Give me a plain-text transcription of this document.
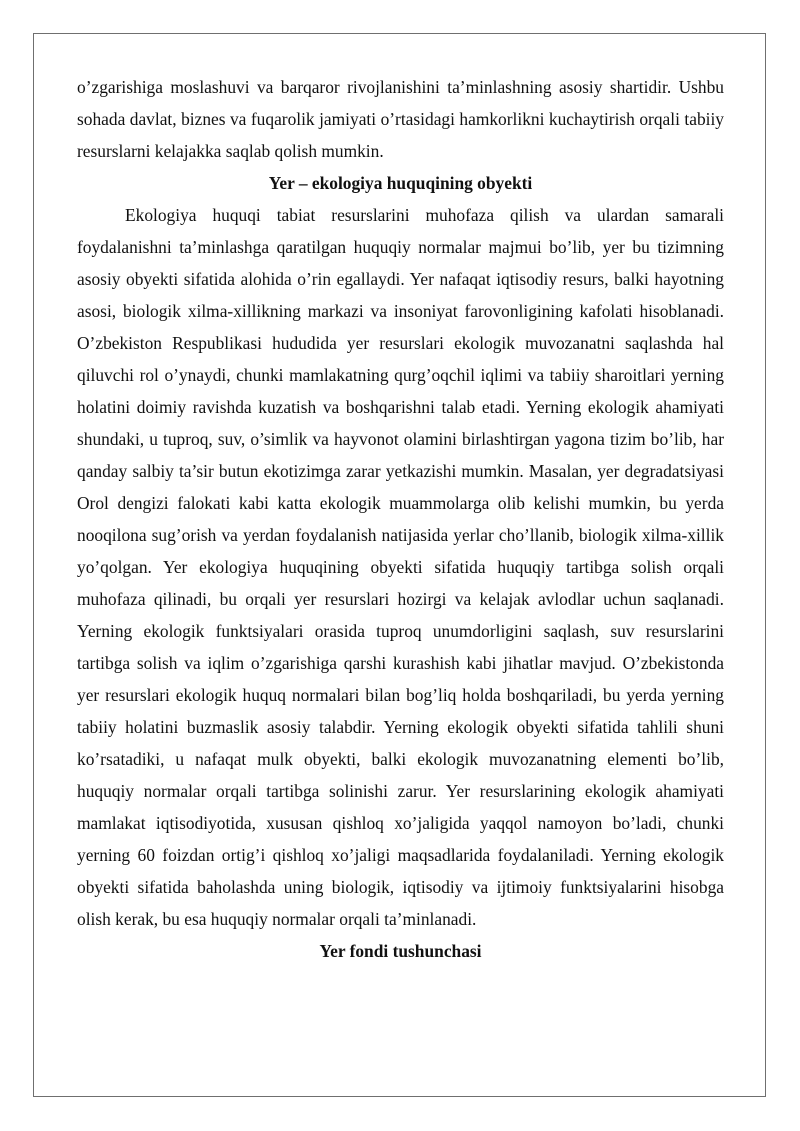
o’zgarishiga moslashuvi va barqaror rivojlanishini ta’minlashning asosiy shartidir. Ushbu sohada davlat, biznes va fuqarolik jamiyati o’rtasidagi hamkorlikni kuchaytirish orqali tabiiy resurslarni kelajakka saqlab qolish mumkin.

Yer – ekologiya huquqining obyekti

Ekologiya huquqi tabiat resurslarini muhofaza qilish va ulardan samarali foydalanishni ta’minlashga qaratilgan huquqiy normalar majmui bo’lib, yer bu tizimning asosiy obyekti sifatida alohida o’rin egallaydi. Yer nafaqat iqtisodiy resurs, balki hayotning asosi, biologik xilma-xillikning markazi va insoniyat farovonligining kafolati hisoblanadi. O’zbekiston Respublikasi hududida yer resurslari ekologik muvozanatni saqlashda hal qiluvchi rol o’ynaydi, chunki mamlakatning qurg’oqchil iqlimi va tabiiy sharoitlari yerning holatini doimiy ravishda kuzatish va boshqarishni talab etadi. Yerning ekologik ahamiyati shundaki, u tuproq, suv, o’simlik va hayvonot olamini birlashtirgan yagona tizim bo’lib, har qanday salbiy ta’sir butun ekotizimga zarar yetkazishi mumkin. Masalan, yer degradatsiyasi Orol dengizi falokati kabi katta ekologik muammolarga olib kelishi mumkin, bu yerda nooqilona sug’orish va yerdan foydalanish natijasida yerlar cho’llanib, biologik xilma-xillik yo’qolgan. Yer ekologiya huquqining obyekti sifatida huquqiy tartibga solish orqali muhofaza qilinadi, bu orqali yer resurslari hozirgi va kelajak avlodlar uchun saqlanadi. Yerning ekologik funktsiyalari orasida tuproq unumdorligini saqlash, suv resurslarini tartibga solish va iqlim o’zgarishiga qarshi kurashish kabi jihatlar mavjud. O’zbekistonda yer resurslari ekologik huquq normalari bilan bog’liq holda boshqariladi, bu yerda yerning tabiiy holatini buzmaslik asosiy talabdir. Yerning ekologik obyekti sifatida tahlili shuni ko’rsatadiki, u nafaqat mulk obyekti, balki ekologik muvozanatning elementi bo’lib, huquqiy normalar orqali tartibga solinishi zarur. Yer resurslarining ekologik ahamiyati mamlakat iqtisodiyotida, xususan qishloq xo’jaligida yaqqol namoyon bo’ladi, chunki yerning 60 foizdan ortig’i qishloq xo’jaligi maqsadlarida foydalaniladi. Yerning ekologik obyekti sifatida baholashda uning biologik, iqtisodiy va ijtimoiy funktsiyalarini hisobga olish kerak, bu esa huquqiy normalar orqali ta’minlanadi.

Yer fondi tushunchasi
